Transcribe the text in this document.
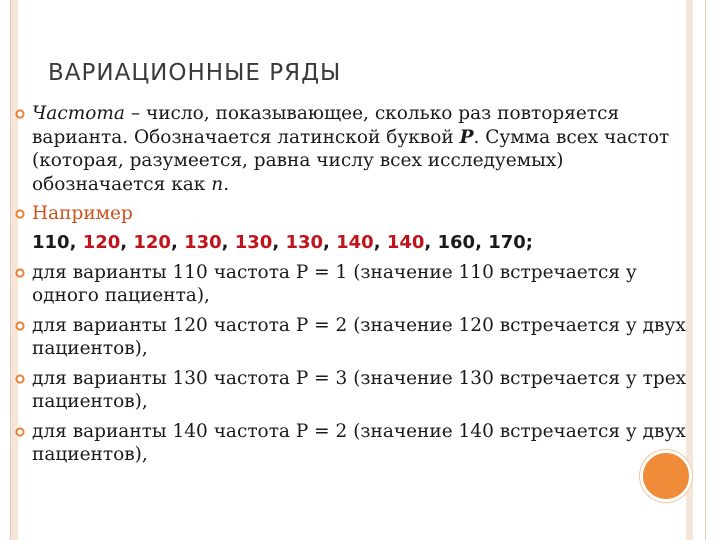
ВАРИАЦИОННЫЕ РЯДЫ
Частота – число, показывающее, сколько раз повторяется варианта. Обозначается латинской буквой Р. Сумма всех частот (которая, разумеется, равна числу всех исследуемых) обозначается как n.
Например
110, 120, 120, 130, 130, 130, 140, 140, 160, 170;
для варианты 110 частота Р = 1 (значение 110 встречается у одного пациента),
для варианты 120 частота Р = 2 (значение 120 встречается у двух пациентов),
для варианты 130 частота Р = 3 (значение 130 встречается у трех пациентов),
для варианты 140 частота Р = 2 (значение 140 встречается у двух пациентов),
